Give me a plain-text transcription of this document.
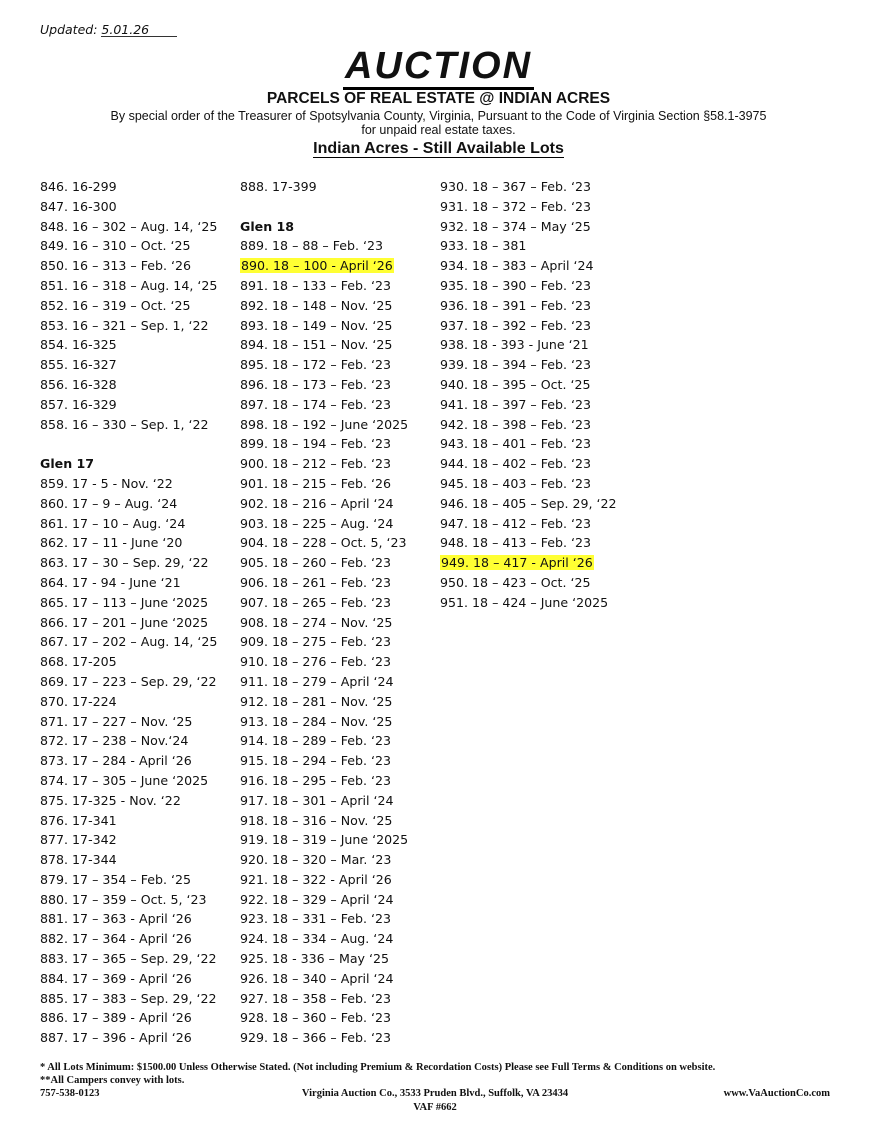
Updated: 5.01.26
AUCTION
PARCELS OF REAL ESTATE @ INDIAN ACRES
By special order of the Treasurer of Spotsylvania County, Virginia, Pursuant to the Code of Virginia Section §58.1-3975
for unpaid real estate taxes.
Indian Acres - Still Available Lots
846. 16-299
847. 16-300
848. 16 – 302 – Aug. 14, ‘25
849. 16 – 310 – Oct. ‘25
850. 16 – 313 – Feb. ‘26
851. 16 – 318 – Aug. 14, ‘25
852. 16 – 319 – Oct. ‘25
853. 16 – 321 – Sep. 1, ‘22
854. 16-325
855. 16-327
856. 16-328
857. 16-329
858. 16 – 330 – Sep. 1, ‘22
Glen 17
859. 17 - 5 - Nov. ‘22
860. 17 – 9 – Aug. ‘24
861. 17 – 10 – Aug. ‘24
862. 17 – 11 - June ‘20
863. 17 – 30 – Sep. 29, ‘22
864. 17 - 94 - June ‘21
865. 17 – 113 – June ‘2025
866. 17 – 201 – June ‘2025
867. 17 – 202 – Aug. 14, ‘25
868. 17-205
869. 17 – 223 – Sep. 29, ‘22
870. 17-224
871. 17 – 227 – Nov. ‘25
872. 17 – 238 – Nov.‘24
873. 17 – 284 - April ‘26
874. 17 – 305 – June ‘2025
875. 17-325 - Nov. ‘22
876. 17-341
877. 17-342
878. 17-344
879. 17 – 354 – Feb. ‘25
880. 17 – 359 – Oct. 5, ‘23
881. 17 – 363 - April ‘26
882. 17 – 364 - April ‘26
883. 17 – 365 – Sep. 29, ‘22
884. 17 – 369 - April ‘26
885. 17 – 383 – Sep. 29, ‘22
886. 17 – 389 - April ‘26
887. 17 – 396 - April ‘26
888. 17-399
Glen 18
889. 18 – 88 – Feb. ‘23
890. 18 – 100 - April ‘26
891. 18 – 133 – Feb. ‘23
892. 18 – 148 – Nov. ‘25
893. 18 – 149 – Nov. ‘25
894. 18 – 151 – Nov. ‘25
895. 18 – 172 – Feb. ‘23
896. 18 – 173 – Feb. ‘23
897. 18 – 174 – Feb. ‘23
898. 18 – 192 – June ‘2025
899. 18 – 194 – Feb. ‘23
900. 18 – 212 – Feb. ‘23
901. 18 – 215 – Feb. ‘26
902. 18 – 216 – April ‘24
903. 18 – 225 – Aug. ‘24
904. 18 – 228 – Oct. 5, ‘23
905. 18 – 260 – Feb. ‘23
906. 18 – 261 – Feb. ‘23
907. 18 – 265 – Feb. ‘23
908. 18 – 274 – Nov. ‘25
909. 18 – 275 – Feb. ‘23
910. 18 – 276 – Feb. ‘23
911. 18 – 279 – April ‘24
912. 18 – 281 – Nov. ‘25
913. 18 – 284 – Nov. ‘25
914. 18 – 289 – Feb. ‘23
915. 18 – 294 – Feb. ‘23
916. 18 – 295 – Feb. ‘23
917. 18 – 301 – April ‘24
918. 18 – 316 – Nov. ‘25
919. 18 – 319 – June ‘2025
920. 18 – 320 – Mar. ‘23
921. 18 – 322 - April ‘26
922. 18 – 329 – April ‘24
923. 18 – 331 – Feb. ‘23
924. 18 – 334 – Aug. ‘24
925. 18 - 336 – May ‘25
926. 18 – 340 – April ‘24
927. 18 – 358 – Feb. ‘23
928. 18 – 360 – Feb. ‘23
929. 18 – 366 – Feb. ‘23
930. 18 – 367 – Feb. ‘23
931. 18 – 372 – Feb. ‘23
932. 18 – 374 – May ‘25
933. 18 – 381
934. 18 – 383 – April ‘24
935. 18 – 390 – Feb. ‘23
936. 18 – 391 – Feb. ‘23
937. 18 – 392 – Feb. ‘23
938. 18 - 393 - June ‘21
939. 18 – 394 – Feb. ‘23
940. 18 – 395 – Oct. ‘25
941. 18 – 397 – Feb. ‘23
942. 18 – 398 – Feb. ‘23
943. 18 – 401 – Feb. ‘23
944. 18 – 402 – Feb. ‘23
945. 18 – 403 – Feb. ‘23
946. 18 – 405 – Sep. 29, ‘22
947. 18 – 412 – Feb. ‘23
948. 18 – 413 – Feb. ‘23
949. 18 – 417 - April ‘26
950. 18 – 423 – Oct. ‘25
951. 18 – 424 – June ‘2025
* All Lots Minimum: $1500.00 Unless Otherwise Stated. (Not including Premium & Recordation Costs) Please see Full Terms & Conditions on website.
**All Campers convey with lots.
757-538-0123	Virginia Auction Co., 3533 Pruden Blvd., Suffolk, VA 23434	www.VaAuctionCo.com
VAF #662
